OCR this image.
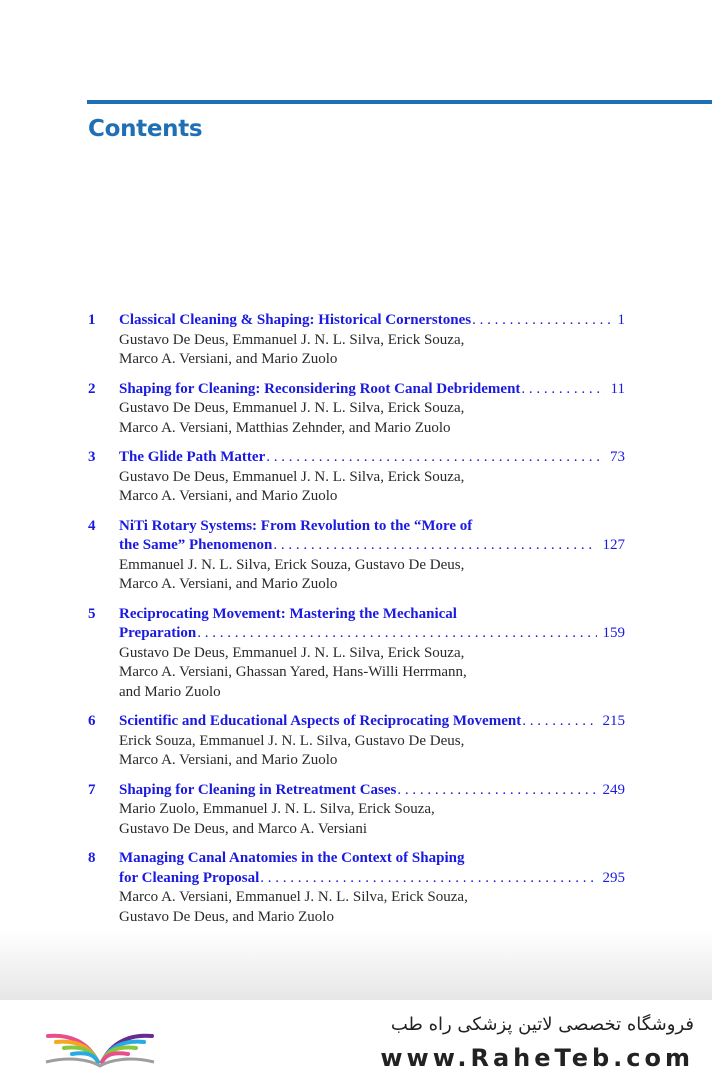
Contents
1	Classical Cleaning & Shaping: Historical Cornerstones . . .	1
Gustavo De Deus, Emmanuel J. N. L. Silva, Erick Souza,
Marco A. Versiani, and Mario Zuolo
2	Shaping for Cleaning: Reconsidering Root Canal Debridement . . .	11
Gustavo De Deus, Emmanuel J. N. L. Silva, Erick Souza,
Marco A. Versiani, Matthias Zehnder, and Mario Zuolo
3	The Glide Path Matter . . .	73
Gustavo De Deus, Emmanuel J. N. L. Silva, Erick Souza,
Marco A. Versiani, and Mario Zuolo
4	NiTi Rotary Systems: From Revolution to the “More of
the Same” Phenomenon . . .	127
Emmanuel J. N. L. Silva, Erick Souza, Gustavo De Deus,
Marco A. Versiani, and Mario Zuolo
5	Reciprocating Movement: Mastering the Mechanical
Preparation . . .	159
Gustavo De Deus, Emmanuel J. N. L. Silva, Erick Souza,
Marco A. Versiani, Ghassan Yared, Hans-Willi Herrmann,
and Mario Zuolo
6	Scientific and Educational Aspects of Reciprocating Movement . . .	215
Erick Souza, Emmanuel J. N. L. Silva, Gustavo De Deus,
Marco A. Versiani, and Mario Zuolo
7	Shaping for Cleaning in Retreatment Cases . . .	249
Mario Zuolo, Emmanuel J. N. L. Silva, Erick Souza,
Gustavo De Deus, and Marco A. Versiani
8	Managing Canal Anatomies in the Context of Shaping
for Cleaning Proposal . . .	295
Marco A. Versiani, Emmanuel J. N. L. Silva, Erick Souza,
Gustavo De Deus, and Mario Zuolo
فروشگاه تخصصی لاتین پزشکی راه طب
www.RaheTeb.com
